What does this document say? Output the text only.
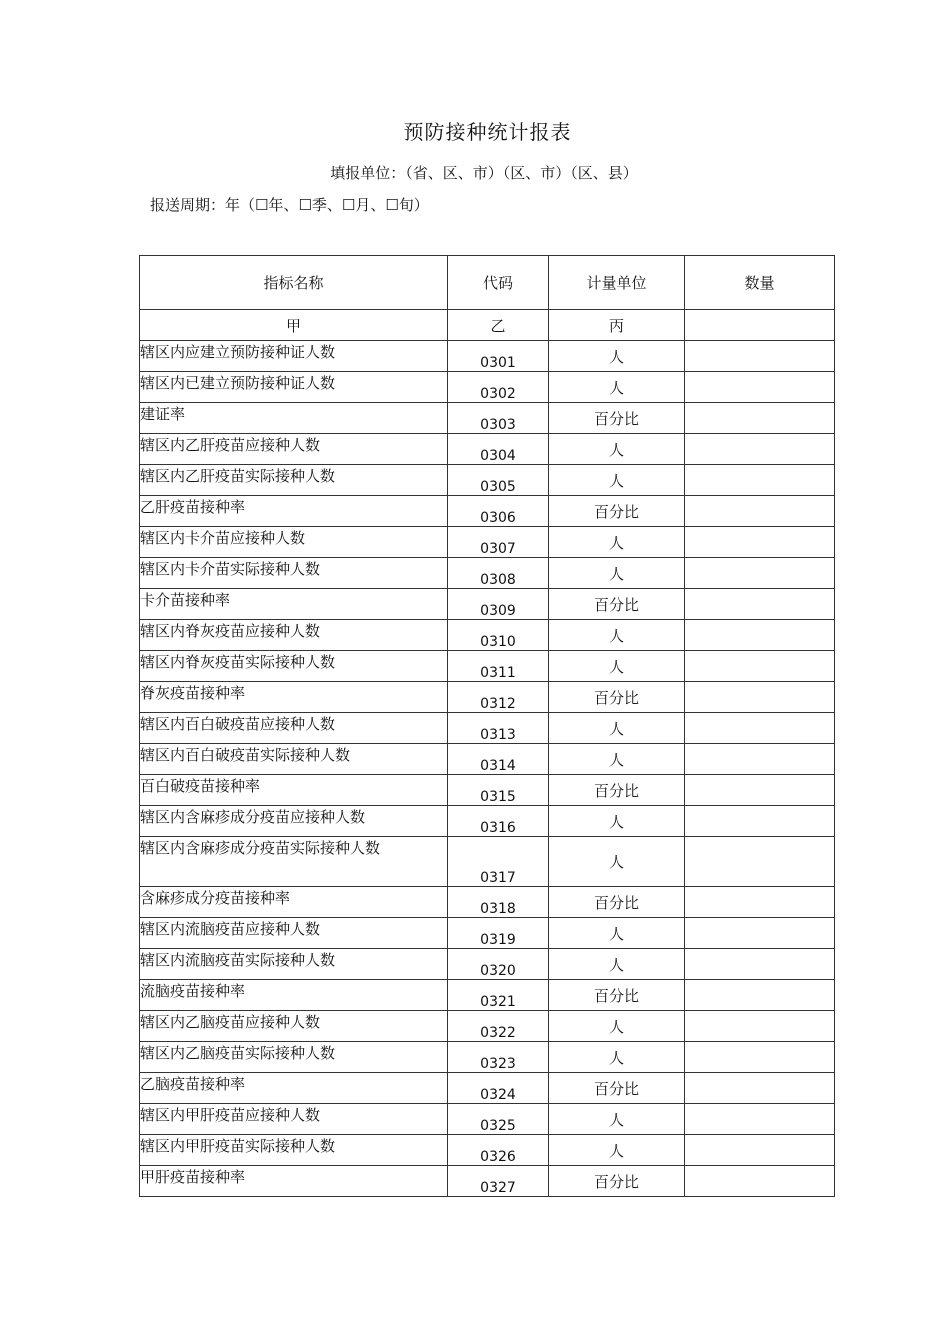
预防接种统计报表
填报单位：（省、区、市）（区、市）（区、县）
报送周期：年（☐年、☐季、☐月、☐旬）
指标名称	代码	计量单位	数量
甲	乙	丙	
辖区内应建立预防接种证人数	0301	人	
辖区内已建立预防接种证人数	0302	人	
建证率	0303	百分比	
辖区内乙肝疫苗应接种人数	0304	人	
辖区内乙肝疫苗实际接种人数	0305	人	
乙肝疫苗接种率	0306	百分比	
辖区内卡介苗应接种人数	0307	人	
辖区内卡介苗实际接种人数	0308	人	
卡介苗接种率	0309	百分比	
辖区内脊灰疫苗应接种人数	0310	人	
辖区内脊灰疫苗实际接种人数	0311	人	
脊灰疫苗接种率	0312	百分比	
辖区内百白破疫苗应接种人数	0313	人	
辖区内百白破疫苗实际接种人数	0314	人	
百白破疫苗接种率	0315	百分比	
辖区内含麻疹成分疫苗应接种人数	0316	人	
辖区内含麻疹成分疫苗实际接种人数	0317	人	
含麻疹成分疫苗接种率	0318	百分比	
辖区内流脑疫苗应接种人数	0319	人	
辖区内流脑疫苗实际接种人数	0320	人	
流脑疫苗接种率	0321	百分比	
辖区内乙脑疫苗应接种人数	0322	人	
辖区内乙脑疫苗实际接种人数	0323	人	
乙脑疫苗接种率	0324	百分比	
辖区内甲肝疫苗应接种人数	0325	人	
辖区内甲肝疫苗实际接种人数	0326	人	
甲肝疫苗接种率	0327	百分比	
